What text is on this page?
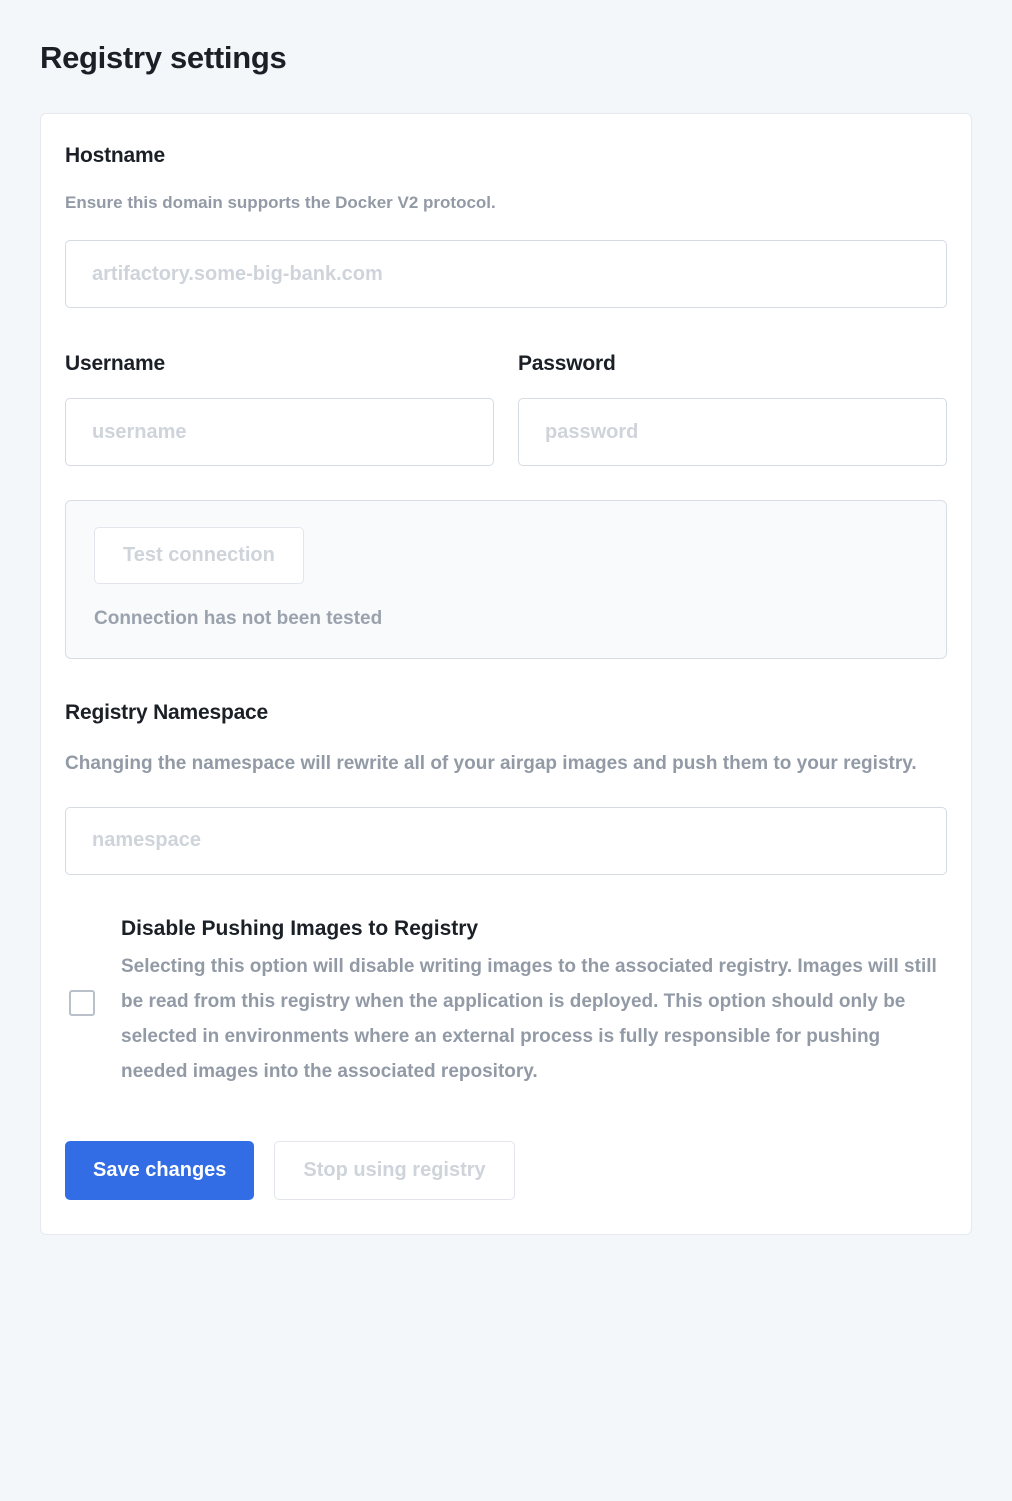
Registry settings
Hostname

Ensure this domain supports the Docker V2 protocol.

artifactory.some-big-bank.com
Username
username	Password
Test connection
Connection has not been tested
Registry Namespace

Changing the namespace will rewrite all of your airgap images and push them to your registry.

namespace
Disable Pushing Images to Registry

Selecting this option will disable writing images to the associated registry. Images will still be read from this registry when the application is deployed. This option should only be selected in environments where an external process is fully responsible for pushing needed images into the associated repository.

Save changes	Stop using registry
